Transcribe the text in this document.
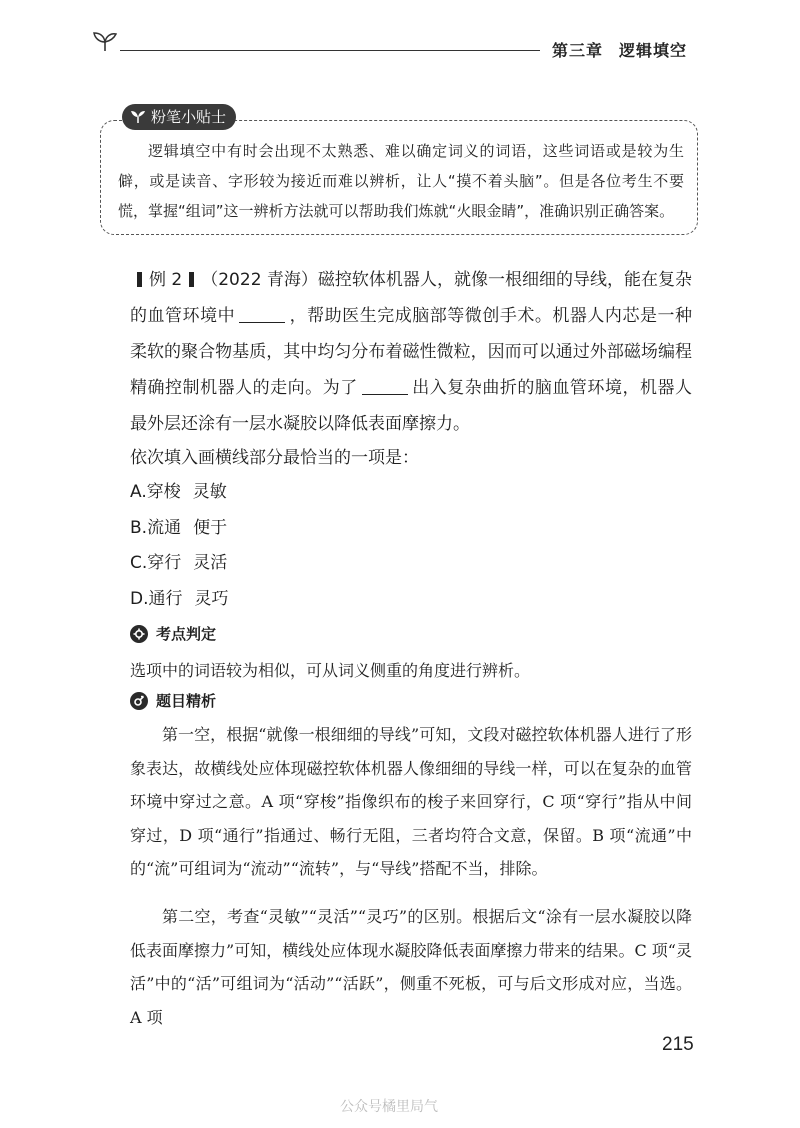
第三章 逻辑填空
粉笔小贴士

逻辑填空中有时会出现不太熟悉、难以确定词义的词语，这些词语或是较为生僻，或是读音、字形较为接近而难以辨析，让人“摸不着头脑”。但是各位考生不要慌，掌握“组词”这一辨析方法就可以帮助我们炼就“火眼金睛”，准确识别正确答案。

例 2 （2022 青海）磁控软体机器人，就像一根细细的导线，能在复杂的血管环境中	，帮助医生完成脑部等微创手术。机器人内芯是一种柔软的聚合物基质，其中均匀分布着磁性微粒，因而可以通过外部磁场编程精确控制机器人的走向。为了	出入复杂曲折的脑血管环境，机器人最外层还涂有一层水凝胶以降低表面摩擦力。

依次填入画横线部分最恰当的一项是：

A.穿梭 灵敏

B.流通 便于

C.穿行 灵活

D.通行 灵巧

考点判定

选项中的词语较为相似，可从词义侧重的角度进行辨析。

题目精析

第一空，根据“就像一根细细的导线”可知，文段对磁控软体机器人进行了形象表达，故横线处应体现磁控软体机器人像细细的导线一样，可以在复杂的血管环境中穿过之意。A 项“穿梭”指像织布的梭子来回穿行，C 项“穿行”指从中间穿过，D 项“通行”指通过、畅行无阻，三者均符合文意，保留。B 项“流通”中的“流”可组词为“流动”“流转”，与“导线”搭配不当，排除。

第二空，考查“灵敏”“灵活”“灵巧”的区别。根据后文“涂有一层水凝胶以降低表面摩擦力”可知，横线处应体现水凝胶降低表面摩擦力带来的结果。C 项“灵活”中的“活”可组词为“活动”“活跃”，侧重不死板，可与后文形成对应，当选。A 项

215
公众号橘里局气
